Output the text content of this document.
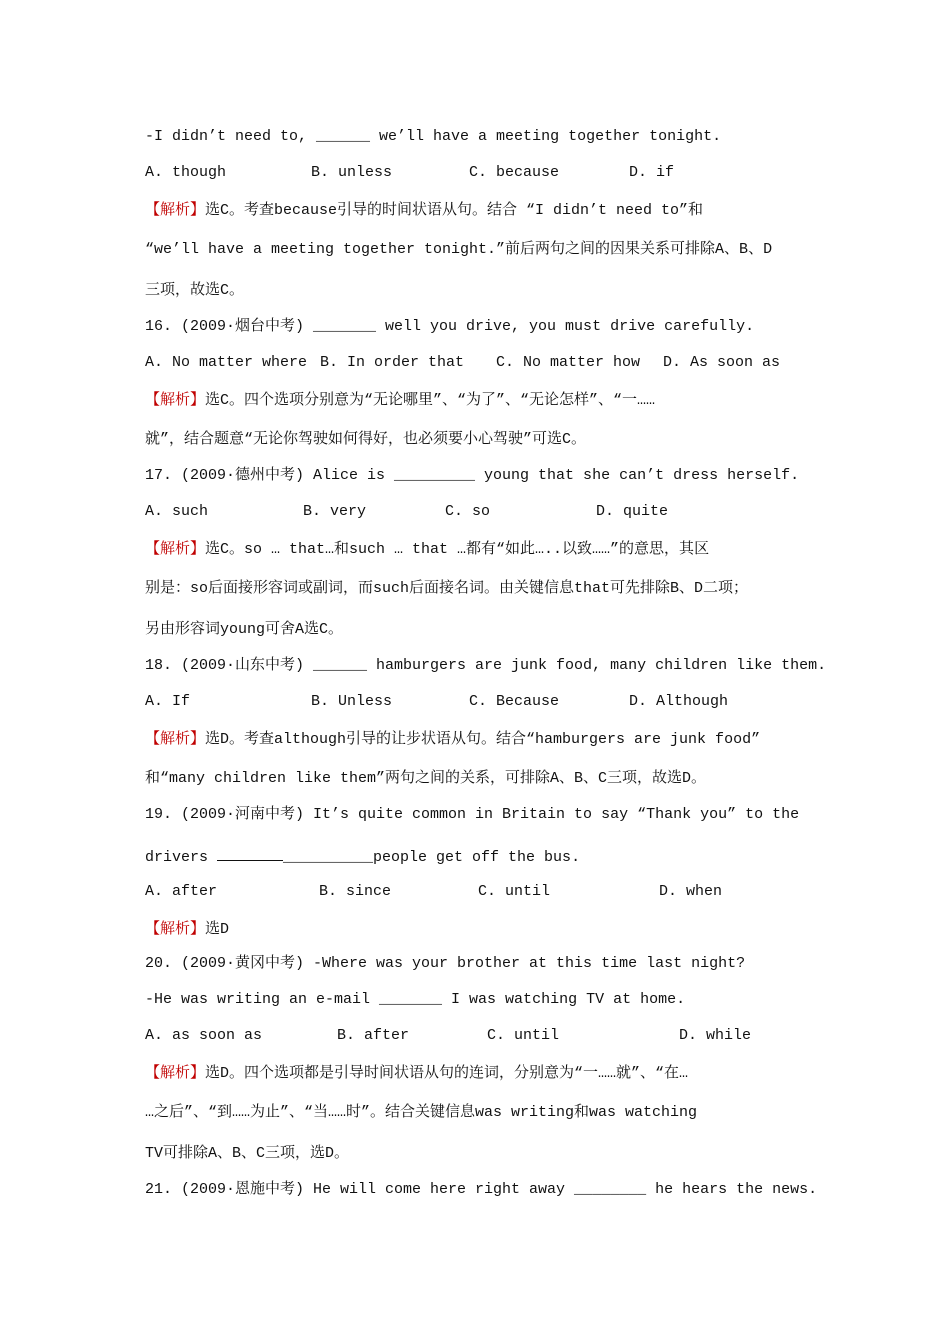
-I didn’t need to, ______ we’ll have a meeting together tonight.
A. though	B. unless	C. because	D. if
【解析】选C。考查because引导的时间状语从句。结合 “I didn’t need to”和
“we’ll have a meeting together tonight.”前后两句之间的因果关系可排除A、B、D
三项，故选C。
16. (2009·烟台中考) _______ well you drive, you must drive carefully.
A. No matter where B. In order that C. No matter how D. As soon as
【解析】选C。四个选项分别意为“无论哪里”、“为了”、“无论怎样”、“一……
就”，结合题意“无论你驾驶如何得好，也必须要小心驾驶”可选C。
17. (2009·德州中考) Alice is _________ young that she can’t dress herself.
A. such	B. very	C. so	D. quite
【解析】选C。so … that…和such … that …都有“如此…..以致……”的意思，其区
别是：so后面接形容词或副词，而such后面接名词。由关键信息that可先排除B、D二项；
另由形容词young可舍A选C。
18. (2009·山东中考) ______ hamburgers are junk food, many children like them.
A. If	B. Unless	C. Because	D. Although
【解析】选D。考查although引导的让步状语从句。结合“hamburgers are junk food”
和“many children like them”两句之间的关系，可排除A、B、C三项，故选D。
19. (2009·河南中考) It’s quite common in Britain to say “Thank you” to the
drivers	__________people get off the bus.
A. after	B. since	C. until	D. when
【解析】选D
20. (2009·黄冈中考) -Where was your brother at this time last night?
-He was writing an e-mail _______ I was watching TV at home.
A. as soon as	B. after	C. until	D. while
【解析】选D。四个选项都是引导时间状语从句的连词，分别意为“一……就”、“在…
…之后”、“到……为止”、“当……时”。结合关键信息was writing和was watching
TV可排除A、B、C三项，选D。
21. (2009·恩施中考) He will come here right away ________ he hears the news.
